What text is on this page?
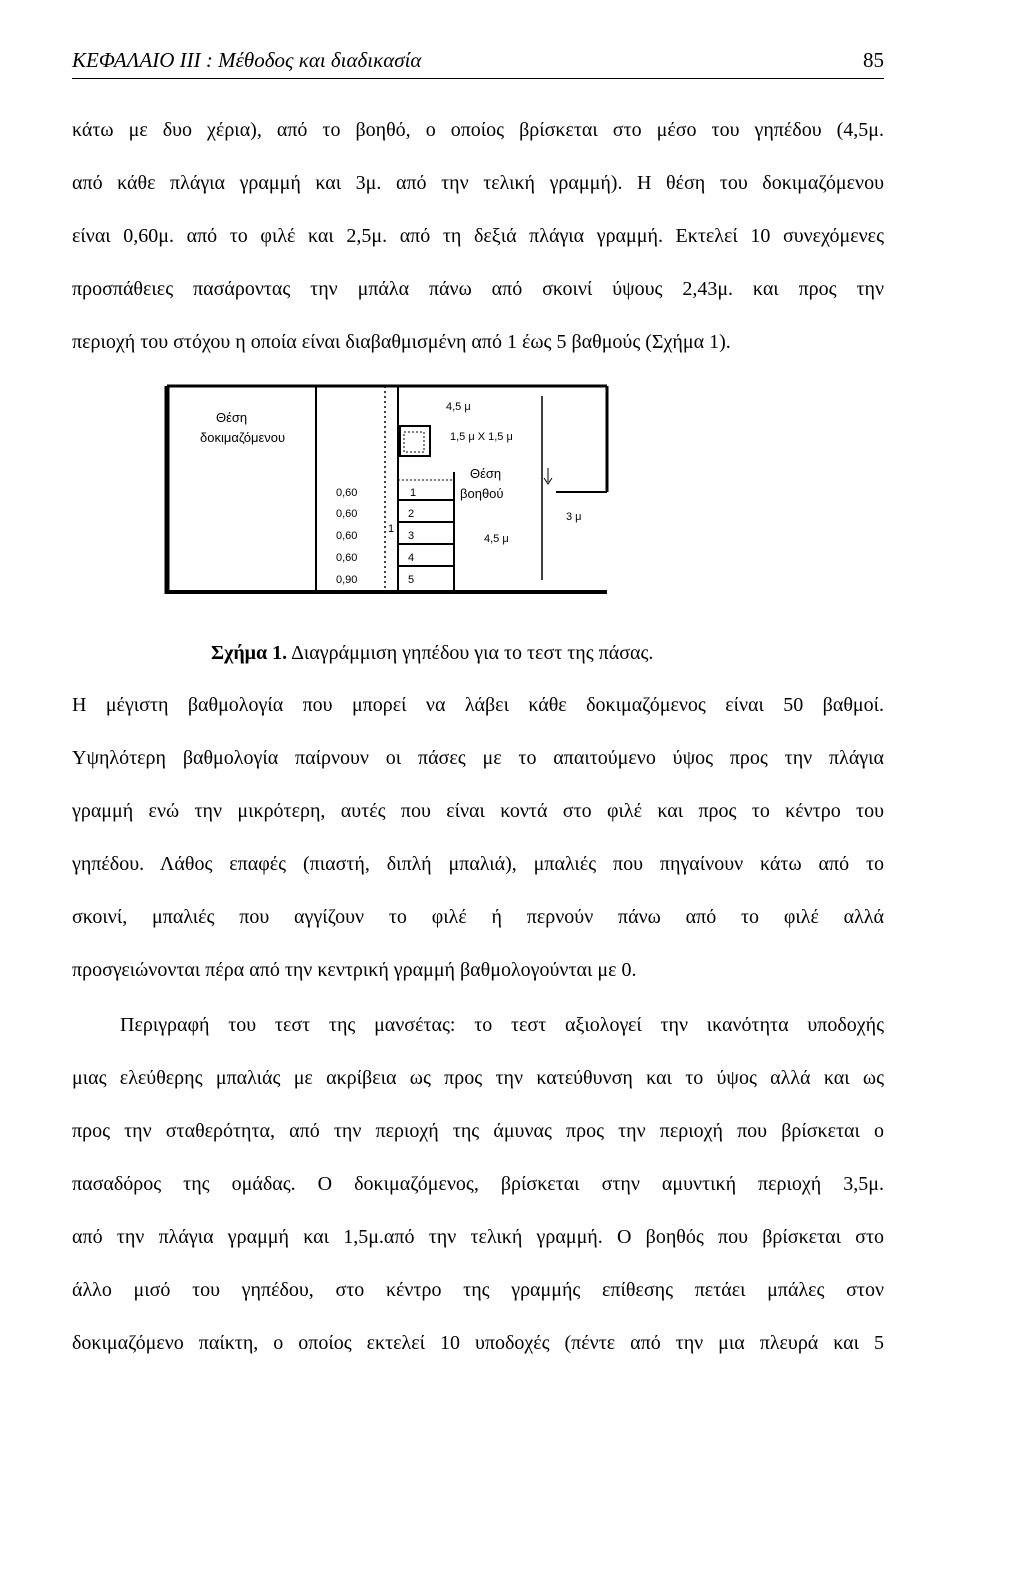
ΚΕΦΑΛΑΙΟ III : Μέθοδος και διαδικασία	85
κάτω με δυο χέρια), από το βοηθό, ο οποίος βρίσκεται στο μέσο του γηπέδου (4,5μ.
από κάθε πλάγια γραμμή και 3μ. από την τελική γραμμή). Η θέση του δοκιμαζόμενου
είναι 0,60μ. από το φιλέ και 2,5μ. από τη δεξιά πλάγια γραμμή. Εκτελεί 10 συνεχόμενες
προσπάθειες πασάροντας την μπάλα πάνω από σκοινί ύψους 2,43μ. και προς την
περιοχή του στόχου η οποία είναι διαβαθμισμένη από 1 έως 5 βαθμούς (Σχήμα 1).
Θέση
δοκιμαζόμενου
4,5 μ
1,5 μ Χ 1,5 μ
Θέση
βοηθού
3 μ
4,5 μ
1
0,60
0,60
0,60
0,60
0,90
1
2
3
4
5
Σχήμα 1. Διαγράμμιση γηπέδου για το τεστ της πάσας.
Η μέγιστη βαθμολογία που μπορεί να λάβει κάθε δοκιμαζόμενος είναι 50 βαθμοί.
Υψηλότερη βαθμολογία παίρνουν οι πάσες με το απαιτούμενο ύψος προς την πλάγια
γραμμή ενώ την μικρότερη, αυτές που είναι κοντά στο φιλέ και προς το κέντρο του
γηπέδου. Λάθος επαφές (πιαστή, διπλή μπαλιά), μπαλιές που πηγαίνουν κάτω από το
σκοινί, μπαλιές που αγγίζουν το φιλέ ή περνούν πάνω από το φιλέ αλλά
προσγειώνονται πέρα από την κεντρική γραμμή βαθμολογούνται με 0.
Περιγραφή του τεστ της μανσέτας: το τεστ αξιολογεί την ικανότητα υποδοχής
μιας ελεύθερης μπαλιάς με ακρίβεια ως προς την κατεύθυνση και το ύψος αλλά και ως
προς την σταθερότητα, από την περιοχή της άμυνας προς την περιοχή που βρίσκεται ο
πασαδόρος της ομάδας. Ο δοκιμαζόμενος, βρίσκεται στην αμυντική περιοχή 3,5μ.
από την πλάγια γραμμή και 1,5μ.από την τελική γραμμή. Ο βοηθός που βρίσκεται στο
άλλο μισό του γηπέδου, στο κέντρο της γραμμής επίθεσης πετάει μπάλες στον
δοκιμαζόμενο παίκτη, ο οποίος εκτελεί 10 υποδοχές (πέντε από την μια πλευρά και 5
